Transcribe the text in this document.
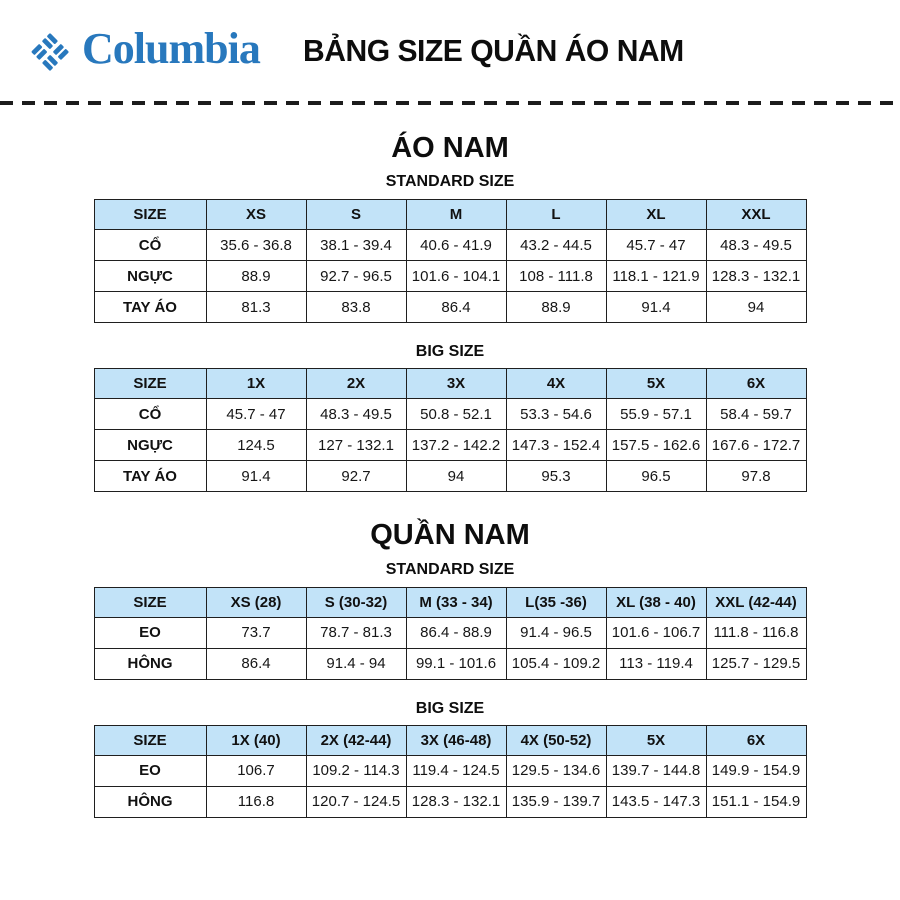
Columbia BẢNG SIZE QUẦN ÁO NAM
ÁO NAM
STANDARD SIZE
SIZE	XS	S	M	L	XL	XXL
CỔ	35.6 - 36.8	38.1 - 39.4	40.6 - 41.9	43.2 - 44.5	45.7 - 47	48.3 - 49.5
NGỰC	88.9	92.7 - 96.5	101.6 - 104.1	108 - 111.8	118.1 - 121.9	128.3 - 132.1
TAY ÁO	81.3	83.8	86.4	88.9	91.4	94
BIG SIZE
SIZE	1X	2X	3X	4X	5X	6X
CỔ	45.7 - 47	48.3 - 49.5	50.8 - 52.1	53.3 - 54.6	55.9 - 57.1	58.4 - 59.7
NGỰC	124.5	127 - 132.1	137.2 - 142.2	147.3 - 152.4	157.5 - 162.6	167.6 - 172.7
TAY ÁO	91.4	92.7	94	95.3	96.5	97.8
QUẦN NAM
STANDARD SIZE
SIZE	XS (28)	S (30-32)	M (33 - 34)	L(35 -36)	XL (38 - 40)	XXL (42-44)
EO	73.7	78.7 - 81.3	86.4 - 88.9	91.4 - 96.5	101.6 - 106.7	111.8 - 116.8
HÔNG	86.4	91.4 - 94	99.1 - 101.6	105.4 - 109.2	113 - 119.4	125.7 - 129.5
BIG SIZE
SIZE	1X (40)	2X (42-44)	3X (46-48)	4X (50-52)	5X	6X
EO	106.7	109.2 - 114.3	119.4 - 124.5	129.5 - 134.6	139.7 - 144.8	149.9 - 154.9
HÔNG	116.8	120.7 - 124.5	128.3 - 132.1	135.9 - 139.7	143.5 - 147.3	151.1 - 154.9
